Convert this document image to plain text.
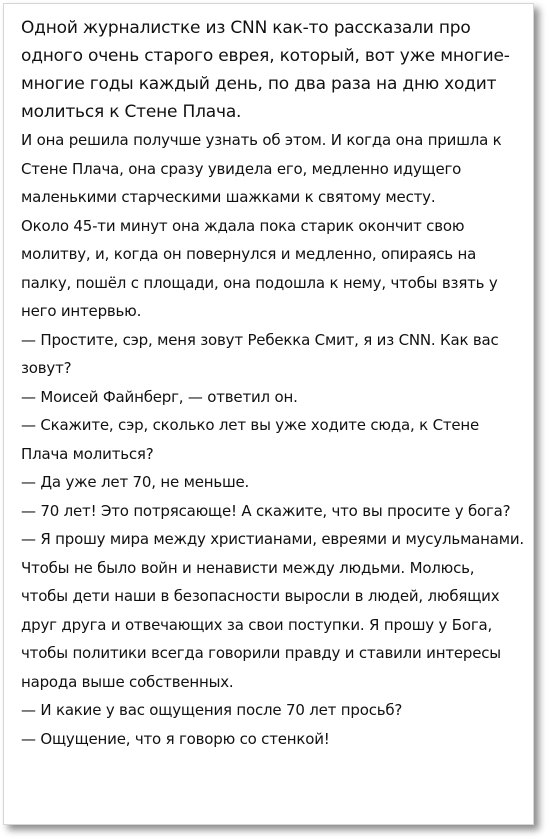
Одной журналистке из CNN как-то рассказали про одного очень старого еврея, который, вот уже многие-многие годы каждый день, по два раза на дню ходит молиться к Стене Плача.

И она решила получше узнать об этом. И когда она пришла к Стене Плача, она сразу увидела его, медленно идущего маленькими старческими шажками к святому месту.

Около 45-ти минут она ждала пока старик окончит свою молитву, и, когда он повернулся и медленно, опираясь на палку, пошёл с площади, она подошла к нему, чтобы взять у него интервью.

— Простите, сэр, меня зовут Ребекка Смит, я из CNN. Как вас зовут?

— Моисей Файнберг, — ответил он.

— Скажите, сэр, сколько лет вы уже ходите сюда, к Стене Плача молиться?

— Да уже лет 70, не меньше.

— 70 лет! Это потрясающе! А скажите, что вы просите у бога?

— Я прошу мира между христианами, евреями и мусульманами. Чтобы не было войн и ненависти между людьми. Молюсь, чтобы дети наши в безопасности выросли в людей, любящих друг друга и отвечающих за свои поступки. Я прошу у Бога, чтобы политики всегда говорили правду и ставили интересы народа выше собственных.

— И какие у вас ощущения после 70 лет просьб?

— Ощущение, что я говорю со стенкой!
